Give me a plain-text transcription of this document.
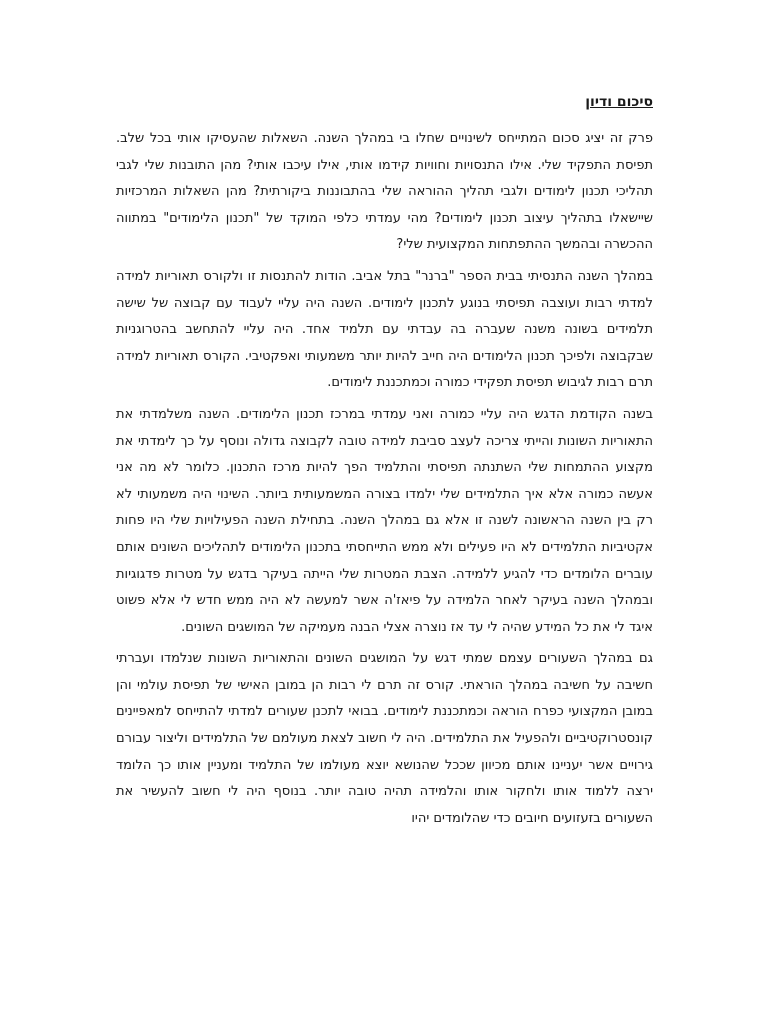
סיכום ודיון

פרק זה יציג סכום המתייחס לשינויים שחלו בי במהלך השנה. השאלות שהעסיקו אותי בכל שלב. תפיסת התפקיד שלי. אילו התנסויות וחוויות קידמו אותי, אילו עיכבו אותי? מהן התובנות שלי לגבי תהליכי תכנון לימודים ולגבי תהליך ההוראה שלי בהתבוננות ביקורתית? מהן השאלות המרכזיות שיישאלו בתהליך עיצוב תכנון לימודים? מהי עמדתי כלפי המוקד של "תכנון הלימודים" במתווה ההכשרה ובהמשך ההתפתחות המקצועית שלי?

במהלך השנה התנסיתי בבית הספר "ברנר" בתל אביב. הודות להתנסות זו ולקורס תאוריות למידה למדתי רבות ועוצבה תפיסתי בנוגע לתכנון לימודים. השנה היה עליי לעבוד עם קבוצה של שישה תלמידים בשונה משנה שעברה בה עבדתי עם תלמיד אחד. היה עליי להתחשב בהטרוגניות שבקבוצה ולפיכך תכנון הלימודים היה חייב להיות יותר משמעותי ואפקטיבי. הקורס תאוריות למידה תרם רבות לגיבוש תפיסת תפקידי כמורה וכמתכננת לימודים.

בשנה הקודמת הדגש היה עליי כמורה ואני עמדתי במרכז תכנון הלימודים. השנה משלמדתי את התאוריות השונות והייתי צריכה לעצב סביבת למידה טובה לקבוצה גדולה ונוסף על כך לימדתי את מקצוע ההתמחות שלי השתנתה תפיסתי והתלמיד הפך להיות מרכז התכנון. כלומר לא מה אני אעשה כמורה אלא איך התלמידים שלי ילמדו בצורה המשמעותית ביותר. השינוי היה משמעותי לא רק בין השנה הראשונה לשנה זו אלא גם במהלך השנה. בתחילת השנה הפעילויות שלי היו פחות אקטיביות התלמידים לא היו פעילים ולא ממש התייחסתי בתכנון הלימודים לתהליכים השונים אותם עוברים הלומדים כדי להגיע ללמידה. הצבת המטרות שלי הייתה בעיקר בדגש על מטרות פדגוגיות ובמהלך השנה בעיקר לאחר הלמידה על פיאז'ה אשר למעשה לא היה ממש חדש לי אלא פשוט איגד לי את כל המידע שהיה לי עד אז נוצרה אצלי הבנה מעמיקה של המושגים השונים.

גם במהלך השעורים עצמם שמתי דגש על המושגים השונים והתאוריות השונות שנלמדו ועברתי חשיבה על חשיבה במהלך הוראתי. קורס זה תרם לי רבות הן במובן האישי של תפיסת עולמי והן במובן המקצועי כפרח הוראה וכמתכננת לימודים. בבואי לתכנן שעורים למדתי להתייחס למאפיינים קונסטרוקטיביים ולהפעיל את התלמידים. היה לי חשוב לצאת מעולמם של התלמידים וליצור עבורם גירויים אשר יעניינו אותם מכיוון שככל שהנושא יוצא מעולמו של התלמיד ומעניין אותו כך הלומד ירצה ללמוד אותו ולחקור אותו והלמידה תהיה טובה יותר. בנוסף היה לי חשוב להעשיר את השעורים בזעזועים חיובים כדי שהלומדים יהיו
